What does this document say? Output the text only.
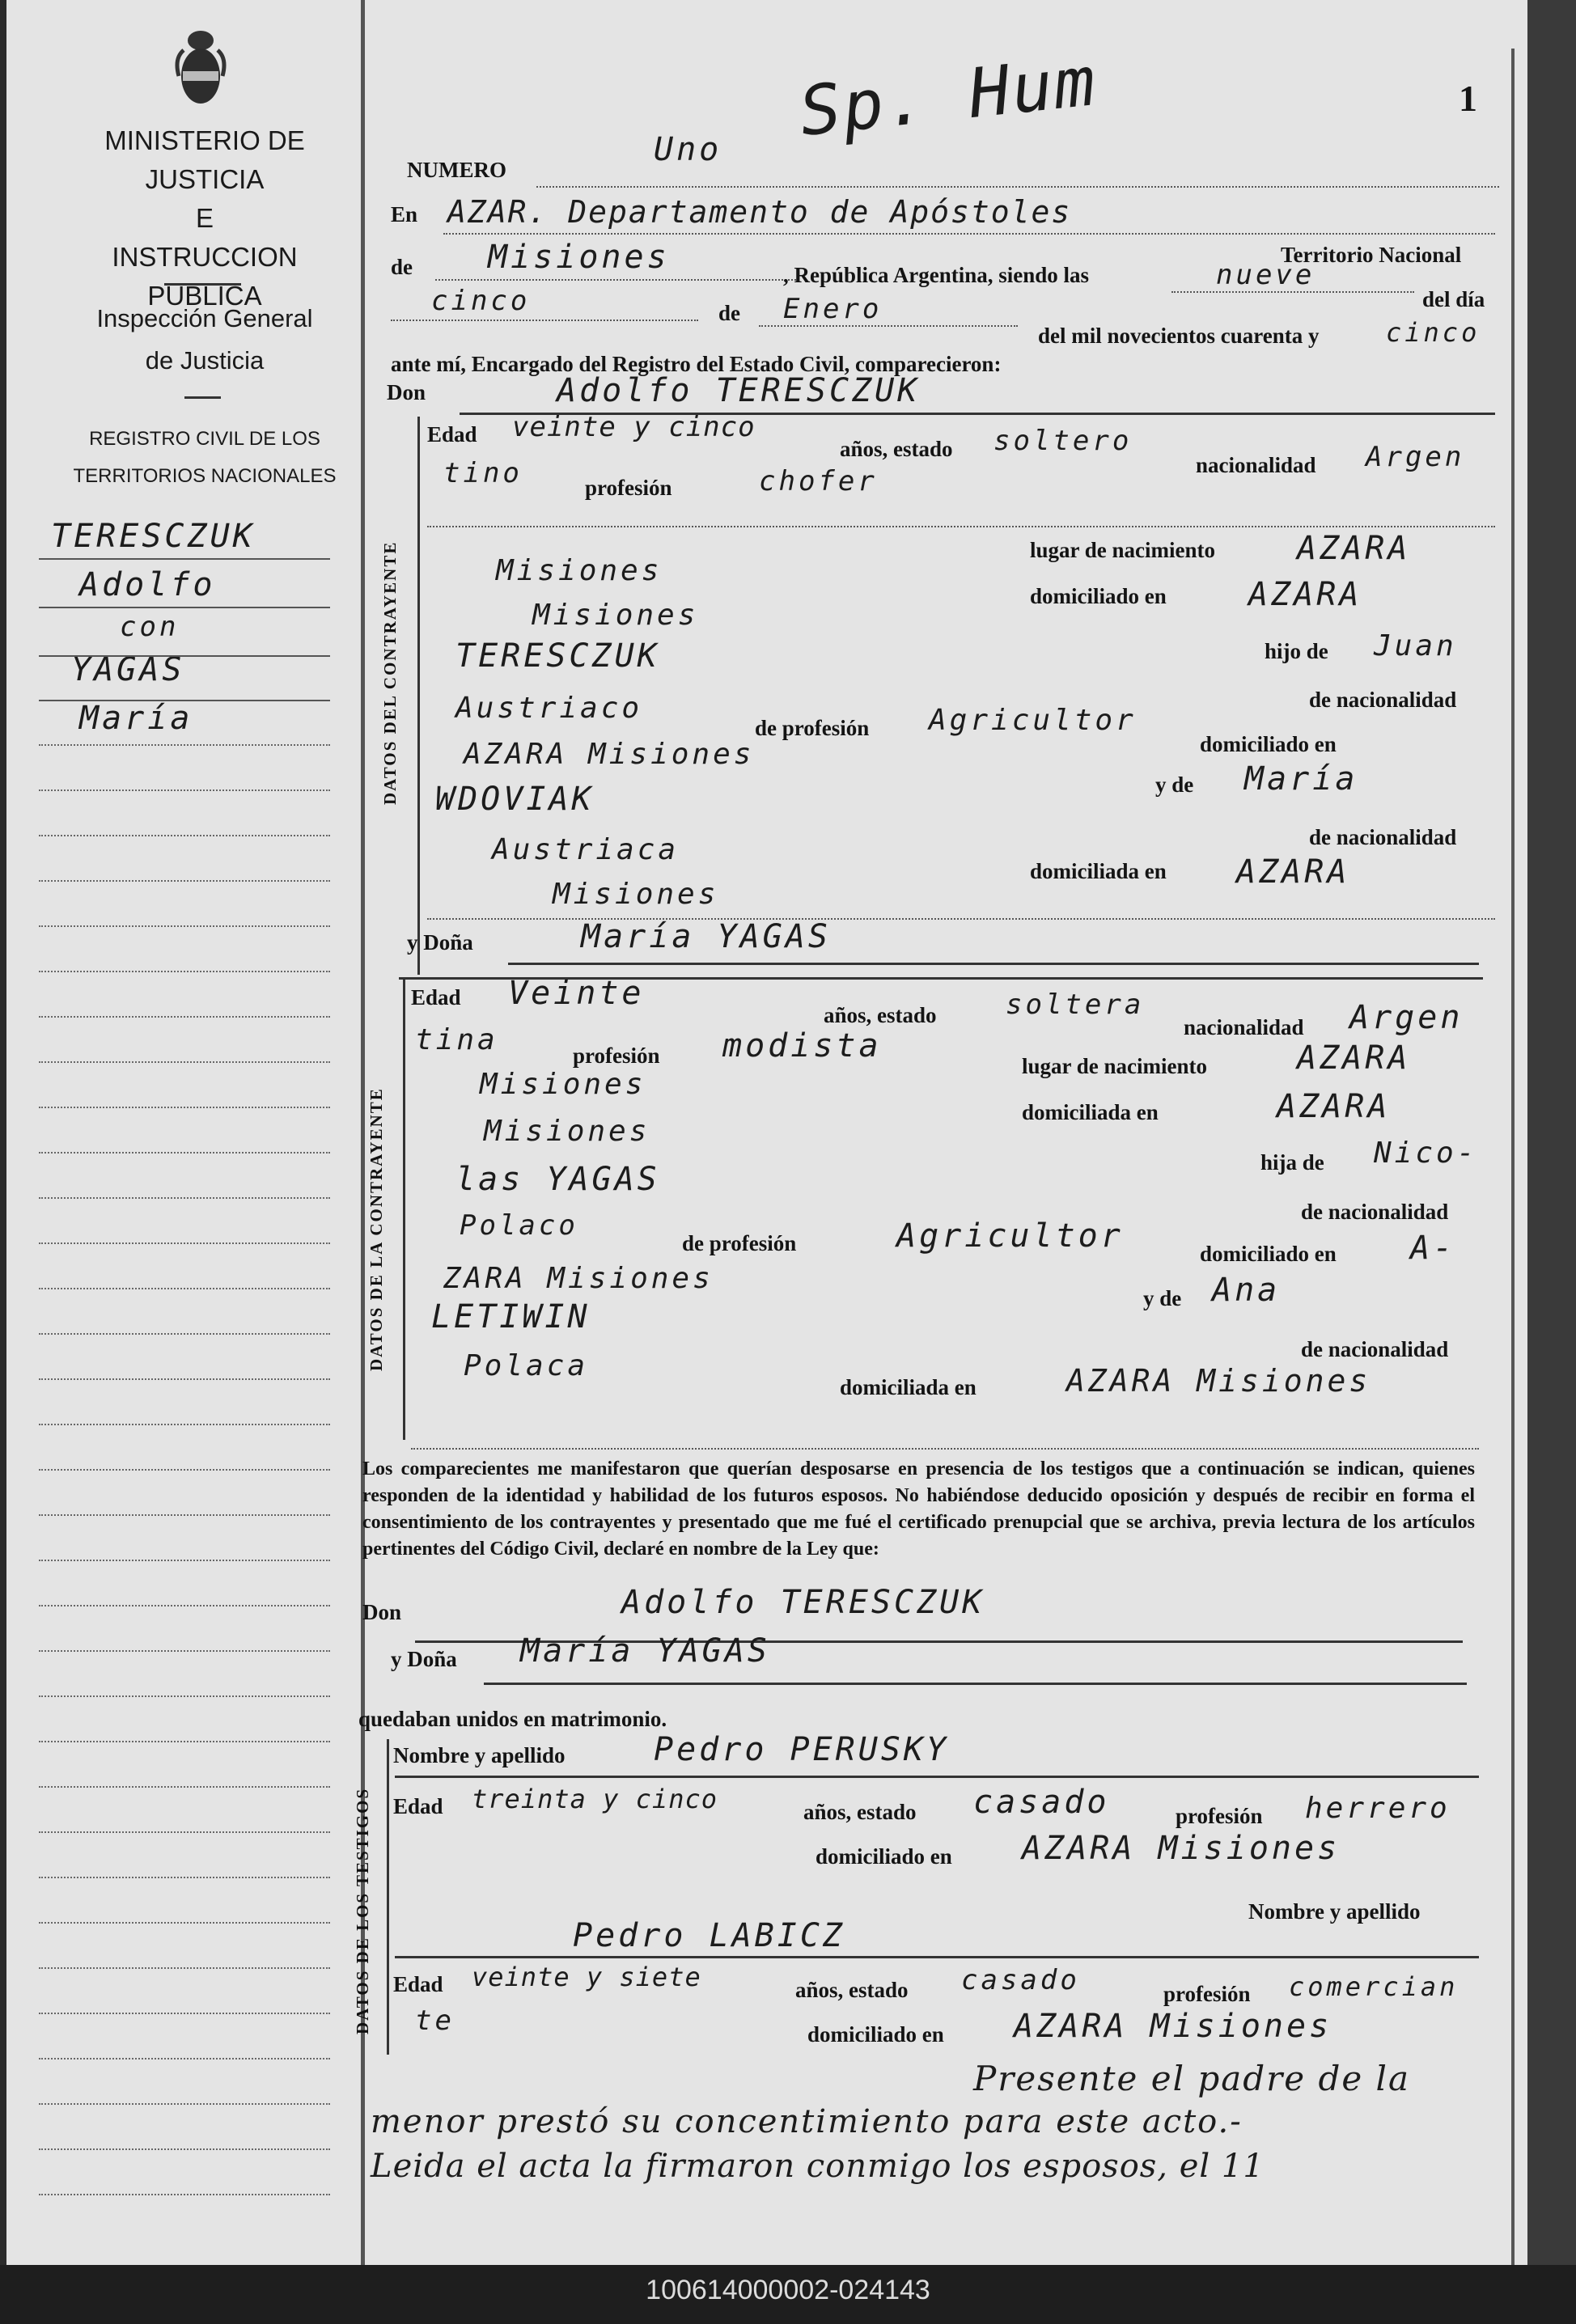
MINISTERIO DE JUSTICIA
E
INSTRUCCION PUBLICA
Inspección General
de Justicia
REGISTRO CIVIL DE LOS
TERRITORIOS NACIONALES
TERESCZUK
Adolfo
con
YAGAS
María
Sp. Hum	1
NUMERO
Uno
En AZAR. Departamento de Apóstoles
Territorio Nacional
de Misiones	, República Argentina, siendo las	nueve
del día
cinco	de Enero
del mil novecientos cuarenta y	cinco
ante mí, Encargado del Registro del Estado Civil, comparecieron:
Don	Adolfo TERESCZUK
DATOS DEL CONTRAYENTE
Edad veinte y cinco
años, estado soltero
nacionalidad Argen
tino	profesión	chofer
lugar de nacimiento	AZARA
Misiones
domiciliado en	AZARA
Misiones
TERESCZUK	hijo de Juan
de nacionalidad
Austriaco
de profesión Agricultor
domiciliado en
AZARA Misiones
y de María
WDOVIAK
de nacionalidad
Austriaca
domiciliada en AZARA
Misiones
y Doña	María YAGAS
DATOS DE LA CONTRAYENTE
Edad Veinte
años, estado	soltera
nacionalidad Argen
tina	profesión modista
lugar de nacimiento	AZARA
Misiones
domiciliada en	AZARA
Misiones
hija de Nico-
las YAGAS
de nacionalidad
Polaco
de profesión	Agricultor	domiciliado en A-
ZARA Misiones
y de Ana
LETIWIN
de nacionalidad
Polaca
domiciliada en	AZARA Misiones
Los comparecientes me manifestaron que querían desposarse en presencia de los testigos que a continuación se indican, quienes responden de la identidad y habilidad de los futuros esposos. No habiéndose deducido oposición y después de recibir en forma el consentimiento de los contrayentes y presentado que me fué el certificado prenupcial que se archiva, previa lectura de los artículos pertinentes del Código Civil, declaré en nombre de la Ley que:
Don	Adolfo TERESCZUK
y Doña María YAGAS
quedaban unidos en matrimonio.
DATOS DE LOS TESTIGOS
Nombre y apellido	Pedro PERUSKY
Edad treinta y cinco	años, estado casado	profesión herrero
domiciliado en AZARA Misiones
Nombre y apellido
Pedro LABICZ
Edad veinte y siete	años, estado casado	profesión comercian
te	domiciliado en AZARA Misiones
Presente el padre de la
menor prestó su concentimiento para este acto.-
Leida el acta la firmaron conmigo los esposos, el 11
100614000002-024143
